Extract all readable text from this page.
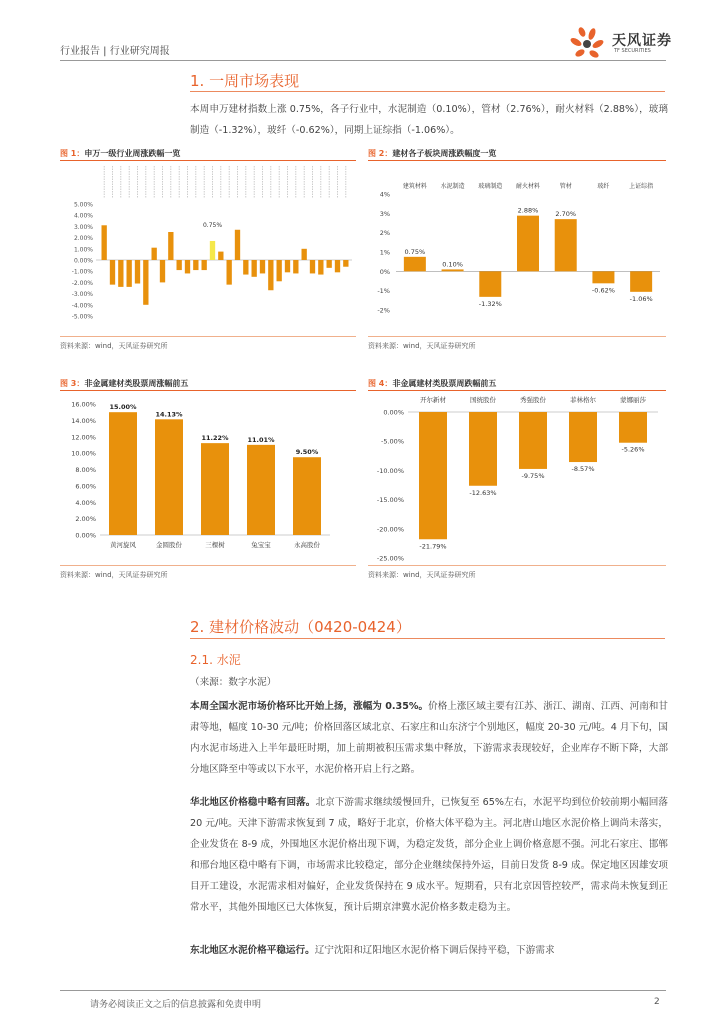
行业报告 | 行业研究周报
天风证券
TF SECURITIES
1. 一周市场表现
本周申万建材指数上涨 0.75%，各子行业中，水泥制造（0.10%），管材（2.76%），耐火材料（2.88%），玻璃制造（-1.32%），玻纤（-0.62%），同期上证综指（-1.06%）。
图 1：申万一级行业周涨跌幅一览
5.00%
4.00%
3.00%
2.00%
1.00%
0.00%
-1.00%
-2.00%
-3.00%
-4.00%
-5.00%
0.75%
资料来源：wind，天风证券研究所
图 2：建材各子板块周涨跌幅度一览
4%
3%
2%
1%
0%
-1%
-2%
建筑材料
0.75%
水泥制造
0.10%
玻璃制造
-1.32%
耐火材料
2.88%
管材
2.70%
玻纤
-0.62%
上证综指
-1.06%
资料来源：wind，天风证券研究所
图 3：非金属建材类股票周涨幅前五
16.00%
14.00%
12.00%
10.00%
8.00%
6.00%
4.00%
2.00%
0.00%
15.00%
黄河旋风
14.13%
金圆股份
11.22%
三棵树
11.01%
兔宝宝
9.50%
永高股份
资料来源：wind，天风证券研究所
图 4：非金属建材类股票周跌幅前五
0.00%
-5.00%
-10.00%
-15.00%
-20.00%
-25.00%
开尔新材
-21.79%
国统股份
-12.63%
秀强股份
-9.75%
菲林格尔
-8.57%
蒙娜丽莎
-5.26%
资料来源：wind，天风证券研究所
2. 建材价格波动（0420-0424）
2.1. 水泥
（来源：数字水泥）
本周全国水泥市场价格环比开始上扬，涨幅为 0.35%。价格上涨区域主要有江苏、浙江、湖南、江西、河南和甘肃等地，幅度 10-30 元/吨；价格回落区域北京、石家庄和山东济宁个别地区，幅度 20-30 元/吨。4 月下旬，国内水泥市场进入上半年最旺时期，加上前期被积压需求集中释放，下游需求表现较好，企业库存不断下降，大部分地区降至中等或以下水平，水泥价格开启上行之路。
华北地区价格稳中略有回落。北京下游需求继续缓慢回升，已恢复至 65%左右，水泥平均到位价较前期小幅回落 20 元/吨。天津下游需求恢复到 7 成，略好于北京，价格大体平稳为主。河北唐山地区水泥价格上调尚未落实，企业发货在 8-9 成，外围地区水泥价格出现下调，为稳定发货，部分企业上调价格意愿不强。河北石家庄、邯郸和邢台地区稳中略有下调，市场需求比较稳定，部分企业继续保持外运，目前日发货 8-9 成。保定地区因雄安项目开工建设，水泥需求相对偏好，企业发货保持在 9 成水平。短期看，只有北京因管控较严，需求尚未恢复到正常水平，其他外围地区已大体恢复，预计后期京津冀水泥价格多数走稳为主。
东北地区水泥价格平稳运行。辽宁沈阳和辽阳地区水泥价格下调后保持平稳，下游需求
请务必阅读正文之后的信息披露和免责申明	2
